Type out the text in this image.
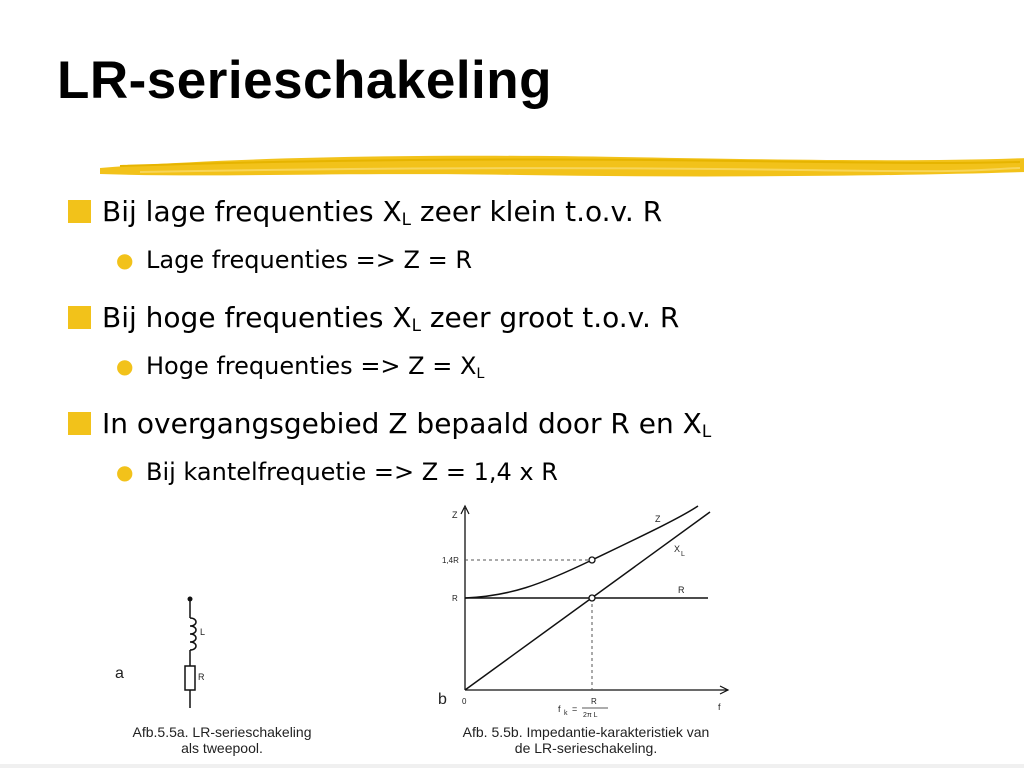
LR-serieschakeling
Bij lage frequenties $X_L$ zeer klein t.o.v. R
● Lage frequenties => Z = R
Bij hoge frequenties $X_L$ zeer groot t.o.v. R
● Hoge frequenties => $Z = X_L$
In overgangsgebied Z bepaald door R en $X_L$
● Bij kantelfrequetie => Z = 1,4 x R
L
R
a
Afb.5.5a. LR-serieschakeling
als tweepool.
Z
f
0
1,4R
R
Z
X
L
R
f k =
R
2π L
b
Afb. 5.5b. Impedantie-karakteristiek van
de LR-serieschakeling.
